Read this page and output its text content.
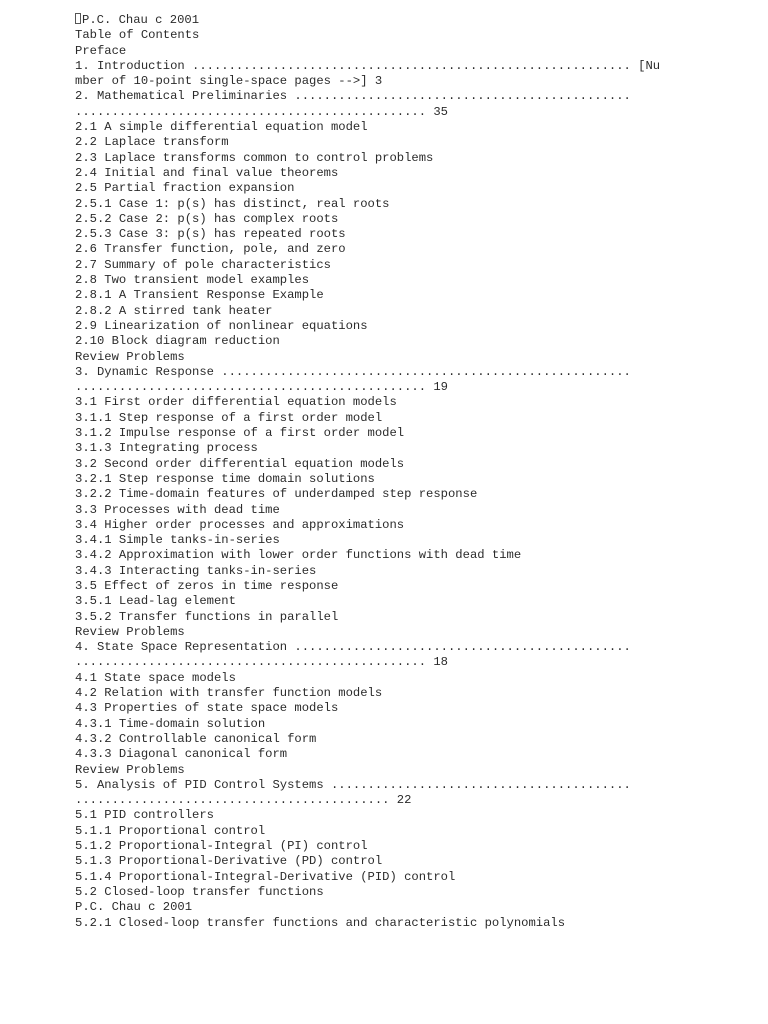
P.C. Chau c 2001
Table of Contents
Preface
1. Introduction ............................................................ [Nu
mber of 10-point single-space pages -->] 3
2. Mathematical Preliminaries ..............................................
................................................ 35
2.1 A simple differential equation model
2.2 Laplace transform
2.3 Laplace transforms common to control problems
2.4 Initial and final value theorems
2.5 Partial fraction expansion
2.5.1 Case 1: p(s) has distinct, real roots
2.5.2 Case 2: p(s) has complex roots
2.5.3 Case 3: p(s) has repeated roots
2.6 Transfer function, pole, and zero
2.7 Summary of pole characteristics
2.8 Two transient model examples
2.8.1 A Transient Response Example
2.8.2 A stirred tank heater
2.9 Linearization of nonlinear equations
2.10 Block diagram reduction
Review Problems
3. Dynamic Response ........................................................
................................................ 19
3.1 First order differential equation models
3.1.1 Step response of a first order model
3.1.2 Impulse response of a first order model
3.1.3 Integrating process
3.2 Second order differential equation models
3.2.1 Step response time domain solutions
3.2.2 Time-domain features of underdamped step response
3.3 Processes with dead time
3.4 Higher order processes and approximations
3.4.1 Simple tanks-in-series
3.4.2 Approximation with lower order functions with dead time
3.4.3 Interacting tanks-in-series
3.5 Effect of zeros in time response
3.5.1 Lead-lag element
3.5.2 Transfer functions in parallel
Review Problems
4. State Space Representation ..............................................
................................................ 18
4.1 State space models
4.2 Relation with transfer function models
4.3 Properties of state space models
4.3.1 Time-domain solution
4.3.2 Controllable canonical form
4.3.3 Diagonal canonical form
Review Problems
5. Analysis of PID Control Systems .........................................
........................................... 22
5.1 PID controllers
5.1.1 Proportional control
5.1.2 Proportional-Integral (PI) control
5.1.3 Proportional-Derivative (PD) control
5.1.4 Proportional-Integral-Derivative (PID) control
5.2 Closed-loop transfer functions
P.C. Chau c 2001
5.2.1 Closed-loop transfer functions and characteristic polynomials
